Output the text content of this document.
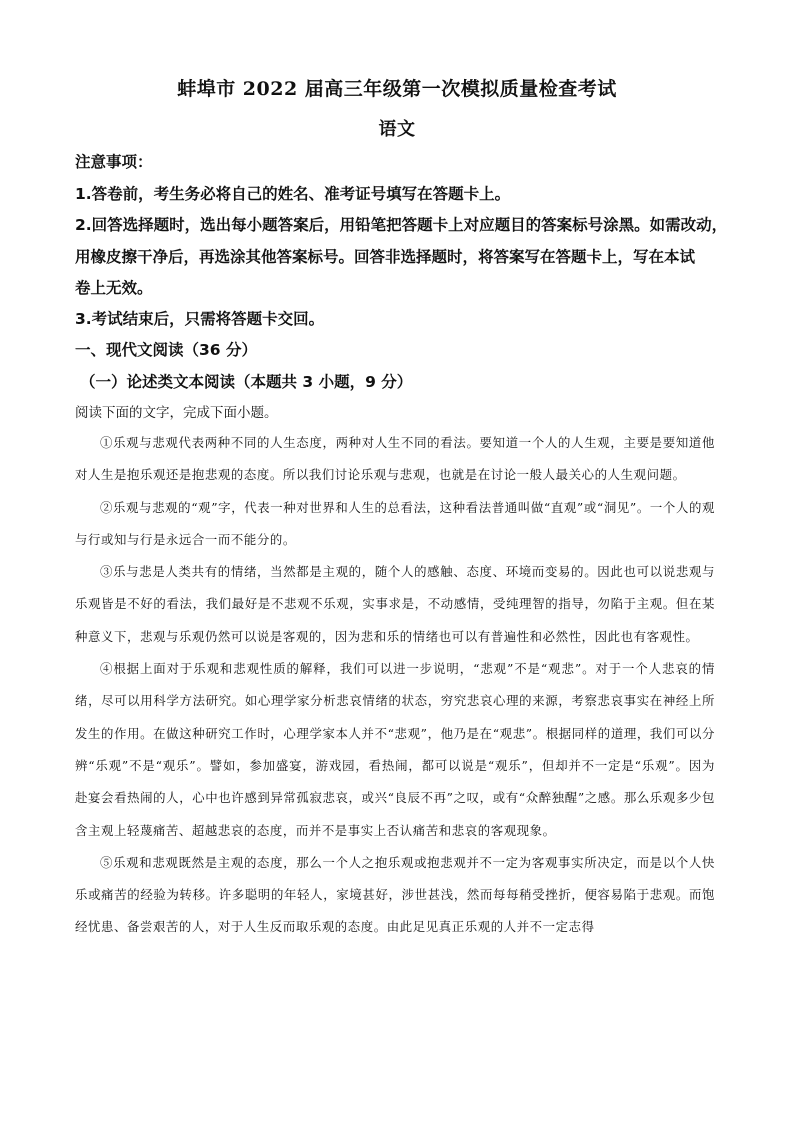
蚌埠市 2022 届高三年级第一次模拟质量检查考试
语文
注意事项：
1.答卷前，考生务必将自己的姓名、准考证号填写在答题卡上。
2.回答选择题时，选出每小题答案后，用铅笔把答题卡上对应题目的答案标号涂黑。如需改动，
用橡皮擦干净后，再选涂其他答案标号。回答非选择题时，将答案写在答题卡上，写在本试
卷上无效。
3.考试结束后，只需将答题卡交回。
一、现代文阅读（36 分）
（一）论述类文本阅读（本题共 3 小题，9 分）
阅读下面的文字，完成下面小题。

①乐观与悲观代表两种不同的人生态度，两种对人生不同的看法。要知道一个人的人生观，主要是要知道他对人生是抱乐观还是抱悲观的态度。所以我们讨论乐观与悲观，也就是在讨论一般人最关心的人生观问题。

②乐观与悲观的“观”字，代表一种对世界和人生的总看法，这种看法普通叫做“直观”或“洞见”。一个人的观与行或知与行是永远合一而不能分的。

③乐与悲是人类共有的情绪，当然都是主观的，随个人的感触、态度、环境而变易的。因此也可以说悲观与乐观皆是不好的看法，我们最好是不悲观不乐观，实事求是，不动感情，受纯理智的指导，勿陷于主观。但在某种意义下，悲观与乐观仍然可以说是客观的，因为悲和乐的情绪也可以有普遍性和必然性，因此也有客观性。

④根据上面对于乐观和悲观性质的解释，我们可以进一步说明，“悲观”不是“观悲”。对于一个人悲哀的情绪，尽可以用科学方法研究。如心理学家分析悲哀情绪的状态，穷究悲哀心理的来源，考察悲哀事实在神经上所发生的作用。在做这种研究工作时，心理学家本人并不“悲观”，他乃是在“观悲”。根据同样的道理，我们可以分辨“乐观”不是“观乐”。譬如，参加盛宴，游戏园，看热闹，都可以说是“观乐”，但却并不一定是“乐观”。因为赴宴会看热闹的人，心中也许感到异常孤寂悲哀，或兴“良辰不再”之叹，或有“众醉独醒”之感。那么乐观多少包含主观上轻蔑痛苦、超越悲哀的态度，而并不是事实上否认痛苦和悲哀的客观现象。

⑤乐观和悲观既然是主观的态度，那么一个人之抱乐观或抱悲观并不一定为客观事实所决定，而是以个人快乐或痛苦的经验为转移。许多聪明的年轻人，家境甚好，涉世甚浅，然而每每稍受挫折，便容易陷于悲观。而饱经忧患、备尝艰苦的人，对于人生反而取乐观的态度。由此足见真正乐观的人并不一定志得
